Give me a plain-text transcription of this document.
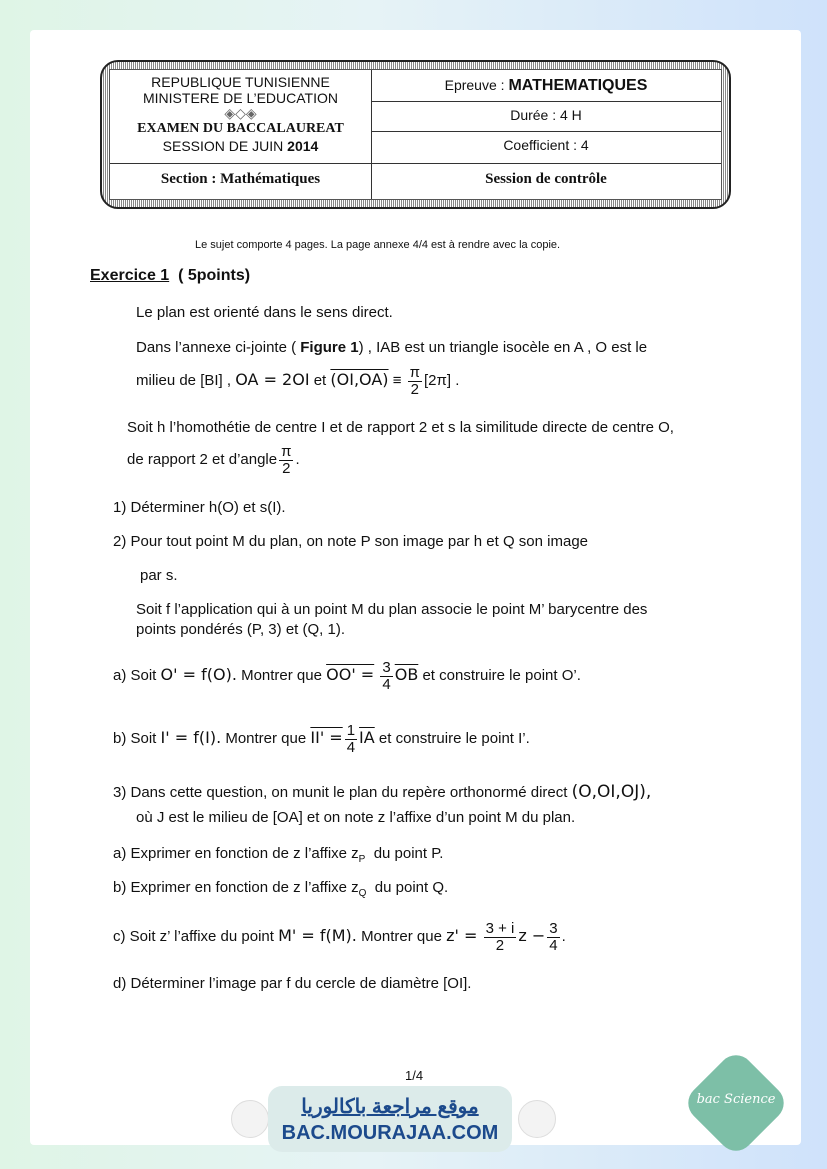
REPUBLIQUE TUNISIENNE
MINISTERE DE L’EDUCATION
◈◇◈
EXAMEN DU BACCALAUREAT
SESSION DE JUIN 2014
Epreuve : MATHEMATIQUES
Durée : 4 H
Coefficient : 4
Section : Mathématiques	Session de contrôle
Le sujet comporte 4 pages. La page annexe 4/4 est à rendre avec la copie.
Exercice 1 ( 5points)
Le plan est orienté dans le sens direct.
Dans l’annexe ci-jointe ( Figure 1) , IAB est un triangle isocèle en A , O est le
milieu de [BI] , OA = 2OI et $(OI,OA) \equiv \frac{\pi}{2} [2\pi]$ .
Soit h l’homothétie de centre I et de rapport 2 et s la similitude directe de centre O,
de rapport 2 et d’angle $\frac{\pi}{2}$ .
1) Déterminer h(O) et s(I).
2) Pour tout point M du plan, on note P son image par h et Q son image
par s.
Soit f l’application qui à un point M du plan associe le point M’ barycentre des
points pondérés (P, 3) et (Q, 1).
a) Soit O' = f(O). Montrer que $OO' = \frac{3}{4} \overline{OB}$ et construire le point O’.
b) Soit I' = f(I). Montrer que $II' = \frac{1}{4} \overline{IA}$ et construire le point I’.
3) Dans cette question, on munit le plan du repère orthonormé direct (O,OI,OJ),
où J est le milieu de [OA] et on note z l’affixe d’un point M du plan.
a) Exprimer en fonction de z l’affixe $z_P$ du point P.
b) Exprimer en fonction de z l’affixe $z_Q$ du point Q.
c) Soit z’ l’affixe du point M' = f(M). Montrer que $z' = \frac{3 + i}{2}$ $z - \frac{3}{4}$ .
d) Déterminer l’image par f du cercle de diamètre [OI].
1/4
موقع مراجعة باكالوريا
BAC.MOURAJAA.COM
bac Science
